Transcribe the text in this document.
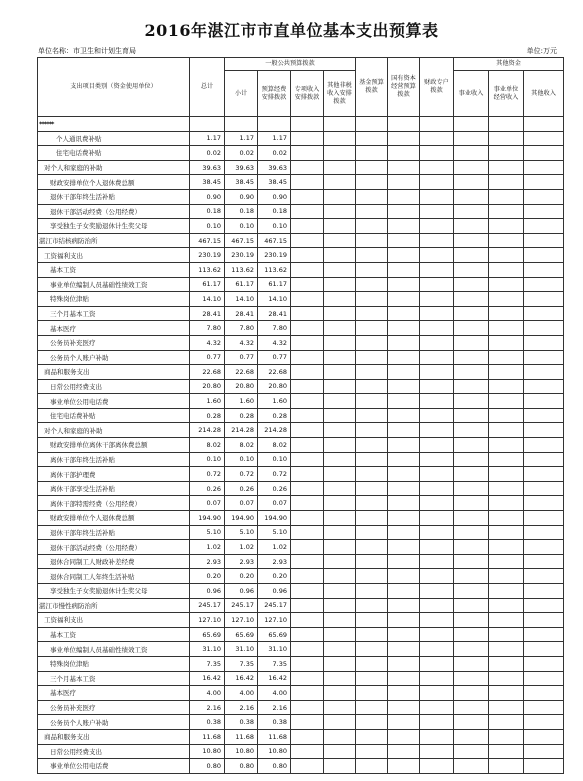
2016年湛江市市直单位基本支出预算表
单位名称：市卫生和计划生育局	单位:万元
支出项目类别（资金使用单位）	总计	一般公共预算拨款				基金预算拨款	国有资本经营预算拨款	财政专户拨款	其他资金		
		小计	预算经费安排拨款	专项收入安排拨款	其他非税收入安排拨款				事业收入	事业单位经营收入	其他收入
******											
个人通讯费补贴	1.17	1.17	1.17								
住宅电话费补贴	0.02	0.02	0.02								
对个人和家庭的补助	39.63	39.63	39.63								
财政安排单位个人退休费总额	38.45	38.45	38.45								
退休干部年终生活补贴	0.90	0.90	0.90								
退休干部活动经费（公用经费）	0.18	0.18	0.18								
享受独生子女奖励退休计生奖父母	0.10	0.10	0.10								
湛江市结核病防治所	467.15	467.15	467.15								
工资福利支出	230.19	230.19	230.19								
基本工资	113.62	113.62	113.62								
事业单位编制人员基础性绩效工资	61.17	61.17	61.17								
特殊岗位津贴	14.10	14.10	14.10								
三个月基本工资	28.41	28.41	28.41								
基本医疗	7.80	7.80	7.80								
公务员补充医疗	4.32	4.32	4.32								
公务员个人账户补助	0.77	0.77	0.77								
商品和服务支出	22.68	22.68	22.68								
日常公用经费支出	20.80	20.80	20.80								
事业单位公用电话费	1.60	1.60	1.60								
住宅电话费补贴	0.28	0.28	0.28								
对个人和家庭的补助	214.28	214.28	214.28								
财政安排单位离休干部离休费总额	8.02	8.02	8.02								
离休干部年终生活补贴	0.10	0.10	0.10								
离休干部护理费	0.72	0.72	0.72								
离休干部享受生活补贴	0.26	0.26	0.26								
离休干部特需经费（公用经费）	0.07	0.07	0.07								
财政安排单位个人退休费总额	194.90	194.90	194.90								
退休干部年终生活补贴	5.10	5.10	5.10								
退休干部活动经费（公用经费）	1.02	1.02	1.02								
退休合同制工人财政补差经费	2.93	2.93	2.93								
退休合同制工人年终生活补贴	0.20	0.20	0.20								
享受独生子女奖励退休计生奖父母	0.96	0.96	0.96								
湛江市慢性病防治所	245.17	245.17	245.17								
工资福利支出	127.10	127.10	127.10								
基本工资	65.69	65.69	65.69								
事业单位编制人员基础性绩效工资	31.10	31.10	31.10								
特殊岗位津贴	7.35	7.35	7.35								
三个月基本工资	16.42	16.42	16.42								
基本医疗	4.00	4.00	4.00								
公务员补充医疗	2.16	2.16	2.16								
公务员个人账户补助	0.38	0.38	0.38								
商品和服务支出	11.68	11.68	11.68								
日常公用经费支出	10.80	10.80	10.80								
事业单位公用电话费	0.80	0.80	0.80								
